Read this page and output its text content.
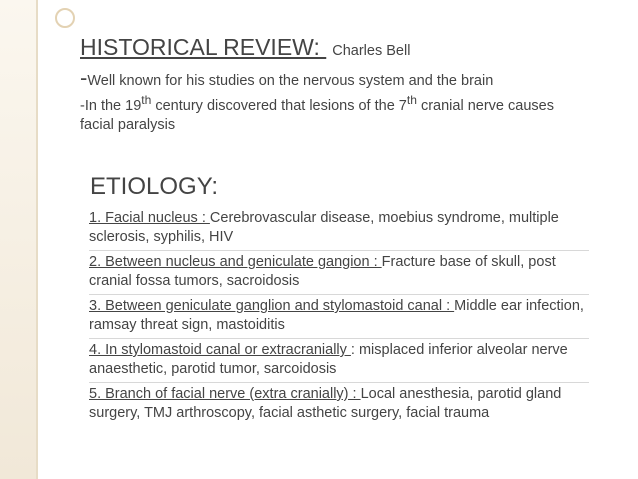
HISTORICAL REVIEW: Charles Bell
-Well known for his studies on the nervous system and the brain
-In the 19th century discovered that lesions of the 7th cranial nerve causes facial paralysis
ETIOLOGY:
1. Facial nucleus : Cerebrovascular disease, moebius syndrome, multiple sclerosis, syphilis, HIV
2. Between nucleus and geniculate gangion : Fracture base of skull, post cranial fossa tumors, sacroidosis
3. Between geniculate ganglion and stylomastoid canal : Middle ear infection, ramsay threat sign, mastoiditis
4. In stylomastoid canal or extracranially : misplaced inferior alveolar nerve anaesthetic, parotid tumor, sarcoidosis
5. Branch of facial nerve (extra cranially) : Local anesthesia, parotid gland surgery, TMJ arthroscopy, facial asthetic surgery, facial trauma
